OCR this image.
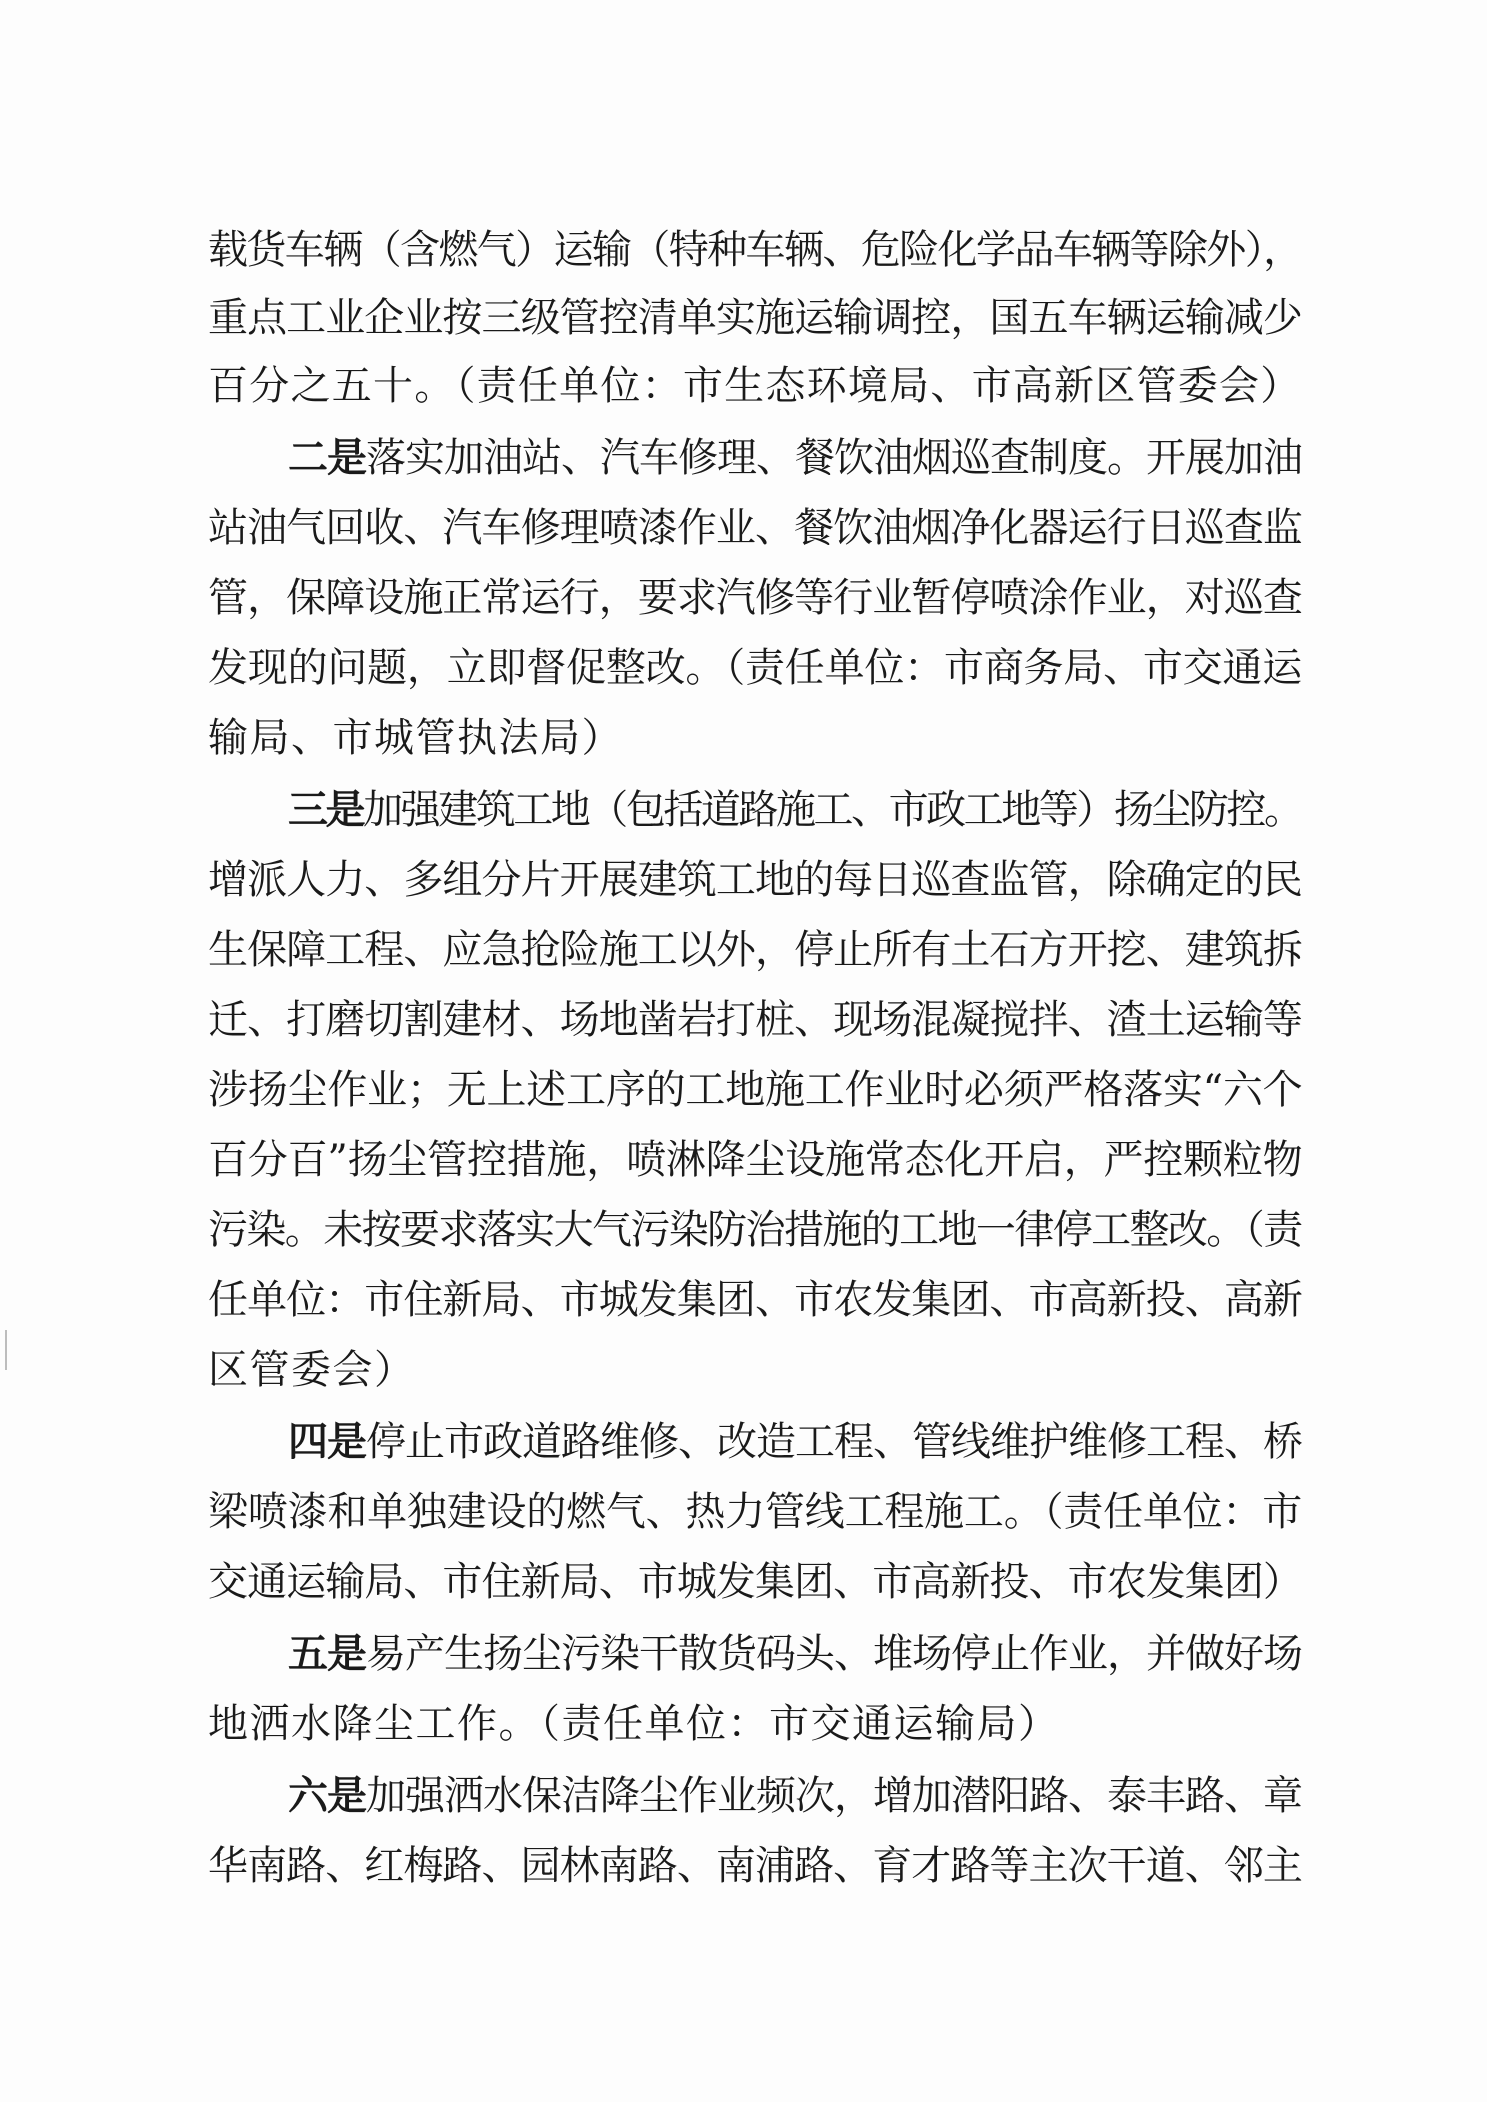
载货车辆（含燃气）运输（特种车辆、危险化学品车辆等除外），
重点工业企业按三级管控清单实施运输调控，国五车辆运输减少
百分之五十。（责任单位：市生态环境局、市高新区管委会）
二是落实加油站、汽车修理、餐饮油烟巡查制度。开展加油
站油气回收、汽车修理喷漆作业、餐饮油烟净化器运行日巡查监
管，保障设施正常运行，要求汽修等行业暂停喷涂作业，对巡查
发现的问题，立即督促整改。（责任单位：市商务局、市交通运
输局、市城管执法局）
三是加强建筑工地（包括道路施工、市政工地等）扬尘防控。
增派人力、多组分片开展建筑工地的每日巡查监管，除确定的民
生保障工程、应急抢险施工以外，停止所有土石方开挖、建筑拆
迁、打磨切割建材、场地凿岩打桩、现场混凝搅拌、渣土运输等
涉扬尘作业；无上述工序的工地施工作业时必须严格落实“六个
百分百”扬尘管控措施，喷淋降尘设施常态化开启，严控颗粒物
污染。未按要求落实大气污染防治措施的工地一律停工整改。（责
任单位：市住新局、市城发集团、市农发集团、市高新投、高新
区管委会）
四是停止市政道路维修、改造工程、管线维护维修工程、桥
梁喷漆和单独建设的燃气、热力管线工程施工。（责任单位：市
交通运输局、市住新局、市城发集团、市高新投、市农发集团）
五是易产生扬尘污染干散货码头、堆场停止作业，并做好场
地洒水降尘工作。（责任单位：市交通运输局）
六是加强洒水保洁降尘作业频次，增加潜阳路、泰丰路、章
华南路、红梅路、园林南路、南浦路、育才路等主次干道、邻主
